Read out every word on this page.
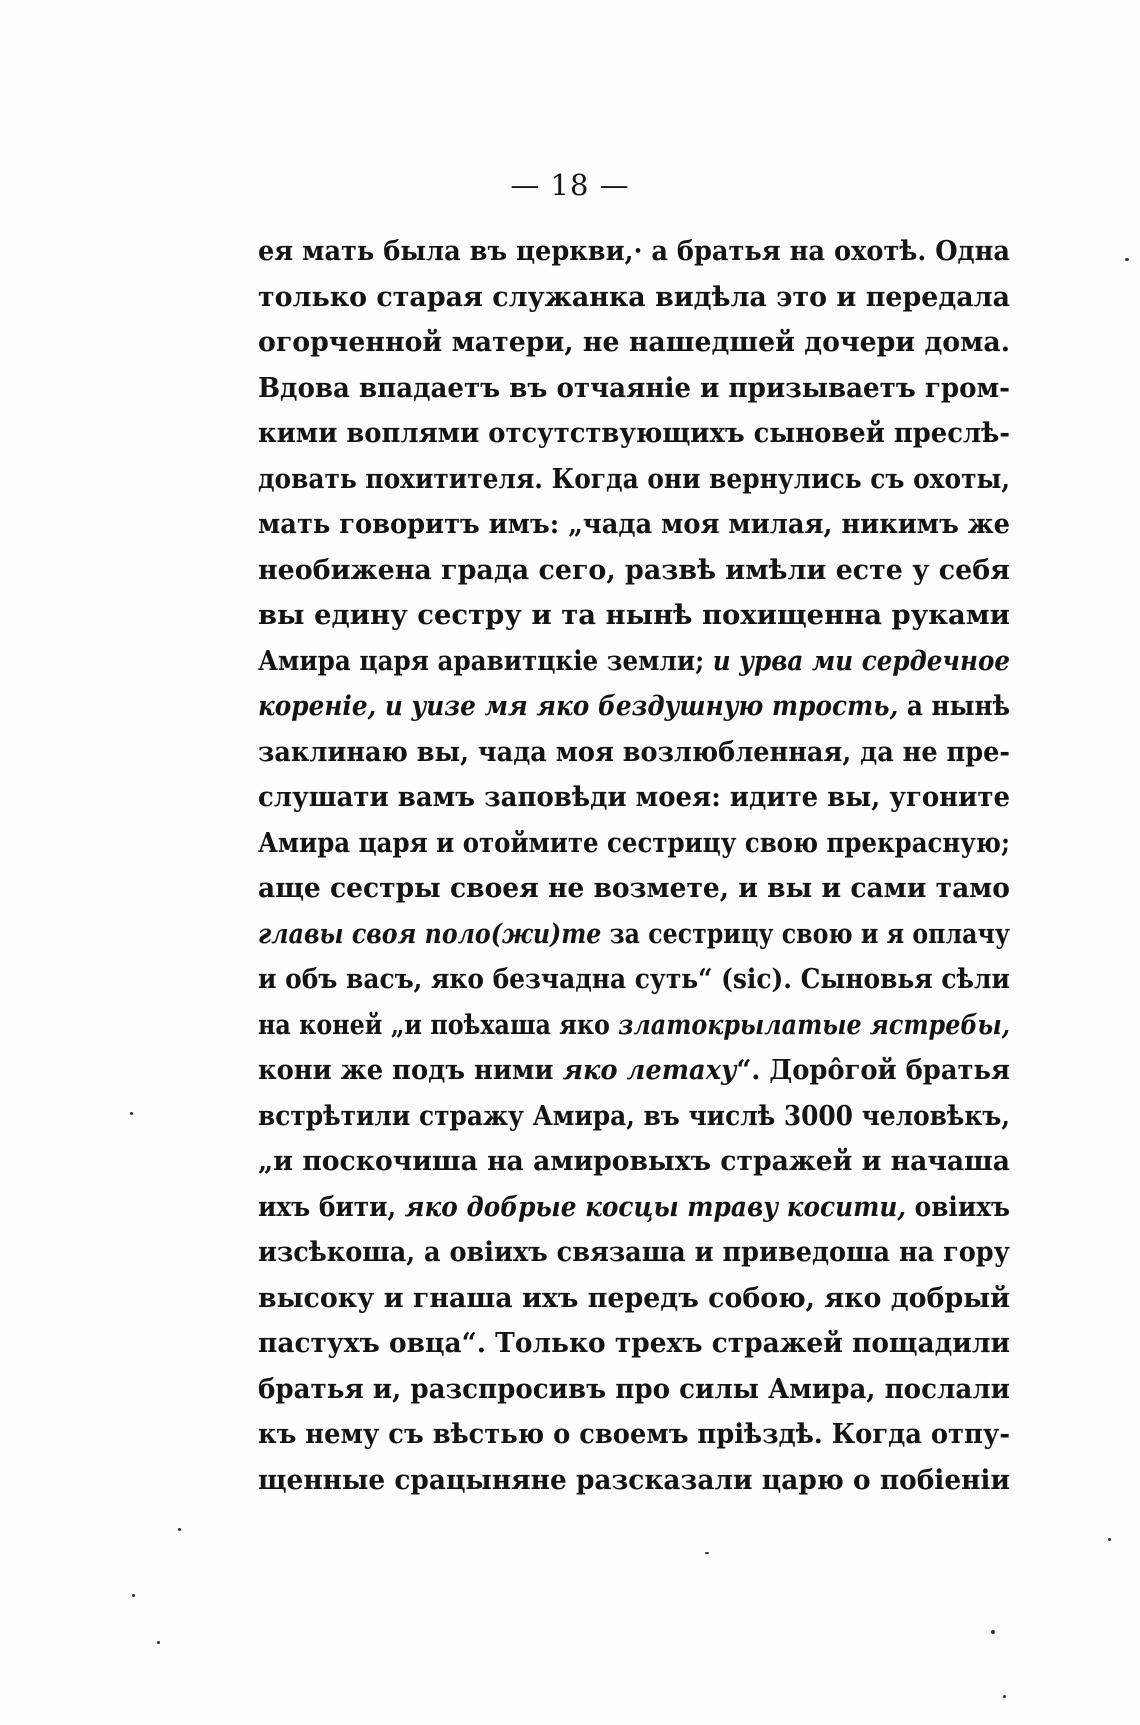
— 18 —
ея мать была въ церкви,· а братья на охотѣ. Одна
только старая служанка видѣла это и передала
огорченной матери, не нашедшей дочери дома.
Вдова впадаетъ въ отчаяніе и призываетъ гром-
кими воплями отсутствующихъ сыновей преслѣ-
довать похитителя. Когда они вернулись съ охоты,
мать говоритъ имъ: „чада моя милая, никимъ же
необижена града сего, развѣ имѣли есте у себя
вы едину сестру и та нынѣ похищенна руками
Амира царя аравитцкіе земли; и урва ми сердечное
кореніе, и уизе мя яко бездушную трость, а нынѣ
заклинаю вы, чада моя возлюбленная, да не пре-
слушати вамъ заповѣди моея: идите вы, угоните
Амира царя и отоймите сестрицу свою прекрасную;
аще сестры своея не возмете, и вы и сами тамо
главы своя поло(жи)те за сестрицу свою и я оплачу
и объ васъ, яко безчадна суть“ (sic). Сыновья сѣли
на коней „и поѣхаша яко златокрылатые ястребы,
кони же подъ ними яко летаху“. Дорôгой братья
встрѣтили стражу Амира, въ числѣ 3000 человѣкъ,
„и поскочиша на амировыхъ стражей и начаша
ихъ бити, яко добрые косцы траву косити, овіихъ
изсѣкоша, а овіихъ связаша и приведоша на гору
высоку и гнаша ихъ передъ собою, яко добрый
пастухъ овца“. Только трехъ стражей пощадили
братья и, разспросивъ про силы Амира, послали
къ нему съ вѣстью о своемъ пріѣздѣ. Когда отпу-
щенные срацыняне разсказали царю о побіеніи
